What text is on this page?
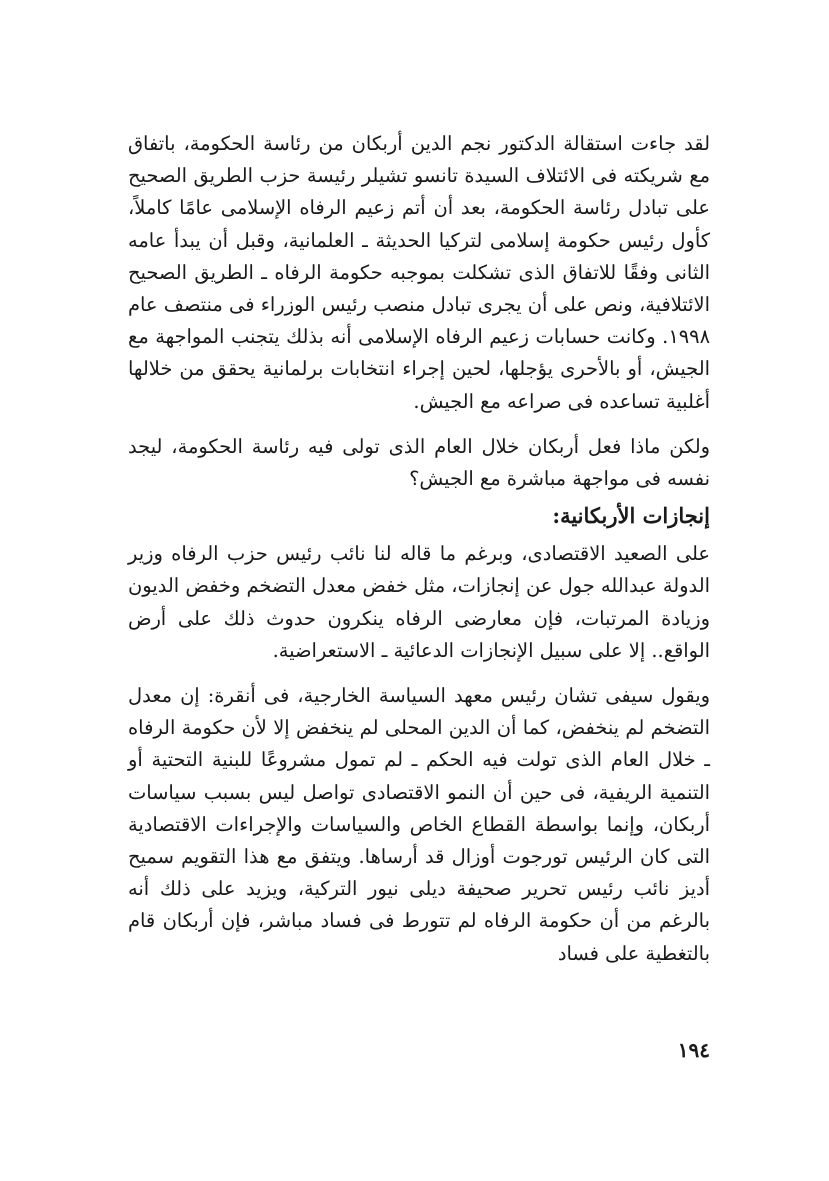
لقد جاءت استقالة الدكتور نجم الدين أربكان من رئاسة الحكومة، باتفاق مع شريكته فى الائتلاف السيدة تانسو تشيلر رئيسة حزب الطريق الصحيح على تبادل رئاسة الحكومة، بعد أن أتم زعيم الرفاه الإسلامى عامًا كاملاً، كأول رئيس حكومة إسلامى لتركيا الحديثة ـ العلمانية، وقبل أن يبدأ عامه الثانى وفقًا للاتفاق الذى تشكلت بموجبه حكومة الرفاه ـ الطريق الصحيح الائتلافية، ونص على أن يجرى تبادل منصب رئيس الوزراء فى منتصف عام ١٩٩٨. وكانت حسابات زعيم الرفاه الإسلامى أنه بذلك يتجنب المواجهة مع الجيش، أو بالأحرى يؤجلها، لحين إجراء انتخابات برلمانية يحقق من خلالها أغلبية تساعده فى صراعه مع الجيش.

ولكن ماذا فعل أربكان خلال العام الذى تولى فيه رئاسة الحكومة، ليجد نفسه فى مواجهة مباشرة مع الجيش؟

إنجازات الأربكانية:

على الصعيد الاقتصادى، وبرغم ما قاله لنا نائب رئيس حزب الرفاه وزير الدولة عبدالله جول عن إنجازات، مثل خفض معدل التضخم وخفض الديون وزيادة المرتبات، فإن معارضى الرفاه ينكرون حدوث ذلك على أرض الواقع.. إلا على سبيل الإنجازات الدعائية ـ الاستعراضية.

ويقول سيفى تشان رئيس معهد السياسة الخارجية، فى أنقرة: إن معدل التضخم لم ينخفض، كما أن الدين المحلى لم ينخفض إلا لأن حكومة الرفاه ـ خلال العام الذى تولت فيه الحكم ـ لم تمول مشروعًا للبنية التحتية أو التنمية الريفية، فى حين أن النمو الاقتصادى تواصل ليس بسبب سياسات أربكان، وإنما بواسطة القطاع الخاص والسياسات والإجراءات الاقتصادية التى كان الرئيس تورجوت أوزال قد أرساها. ويتفق مع هذا التقويم سميح أديز نائب رئيس تحرير صحيفة ديلى نيور التركية، ويزيد على ذلك أنه بالرغم من أن حكومة الرفاه لم تتورط فى فساد مباشر، فإن أربكان قام بالتغطية على فساد

١٩٤
